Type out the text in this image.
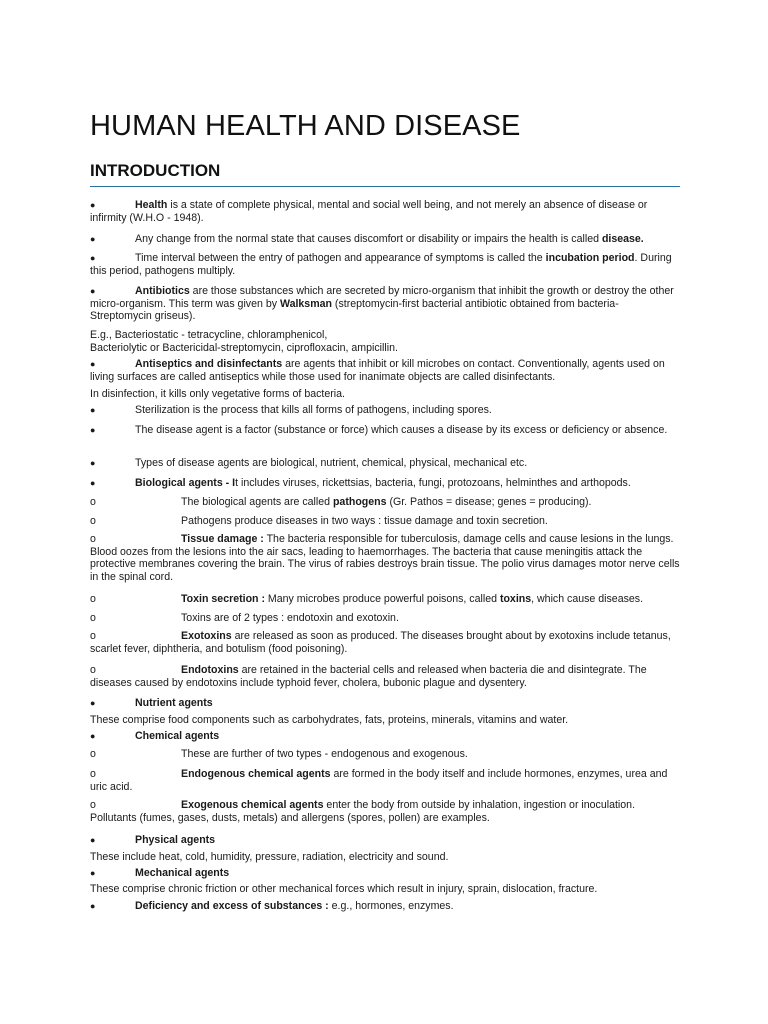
HUMAN HEALTH AND DISEASE
INTRODUCTION

●	Health is a state of complete physical, mental and social well being, and not merely an absence of disease or infirmity (W.H.O - 1948).

●	Any change from the normal state that causes discomfort or disability or impairs the health is called disease.

●	Time interval between the entry of pathogen and appearance of symptoms is called the incubation period. During this period, pathogens multiply.

●	Antibiotics are those substances which are secreted by micro-organism that inhibit the growth or destroy the other micro-organism. This term was given by Walksman (streptomycin-first bacterial antibiotic obtained from bacteria-Streptomycin griseus).

E.g., Bacteriostatic - tetracycline, chloramphenicol,
Bacteriolytic or Bactericidal-streptomycin, ciprofloxacin, ampicillin.

●	Antiseptics and disinfectants are agents that inhibit or kill microbes on contact. Conventionally, agents used on living surfaces are called antiseptics while those used for inanimate objects are called disinfectants.

In disinfection, it kills only vegetative forms of bacteria.

●	Sterilization is the process that kills all forms of pathogens, including spores.

●	The disease agent is a factor (substance or force) which causes a disease by its excess or deficiency or absence.

●	Types of disease agents are biological, nutrient, chemical, physical, mechanical etc.

●	Biological agents - It includes viruses, rickettsias, bacteria, fungi, protozoans, helminthes and arthopods.

o	The biological agents are called pathogens (Gr. Pathos = disease; genes = producing).

o	Pathogens produce diseases in two ways : tissue damage and toxin secretion.

o	Tissue damage : The bacteria responsible for tuberculosis, damage cells and cause lesions in the lungs. Blood oozes from the lesions into the air sacs, leading to haemorrhages. The bacteria that cause meningitis attack the protective membranes covering the brain. The virus of rabies destroys brain tissue. The polio virus damages motor nerve cells in the spinal cord.

o	Toxin secretion : Many microbes produce powerful poisons, called toxins, which cause diseases.

o	Toxins are of 2 types : endotoxin and exotoxin.

o	Exotoxins are released as soon as produced. The diseases brought about by exotoxins include tetanus, scarlet fever, diphtheria, and botulism (food poisoning).

o	Endotoxins are retained in the bacterial cells and released when bacteria die and disintegrate. The diseases caused by endotoxins include typhoid fever, cholera, bubonic plague and dysentery.

●	Nutrient agents

These comprise food components such as carbohydrates, fats, proteins, minerals, vitamins and water.

●	Chemical agents

o	These are further of two types - endogenous and exogenous.

o	Endogenous chemical agents are formed in the body itself and include hormones, enzymes, urea and uric acid.

o	Exogenous chemical agents enter the body from outside by inhalation, ingestion or inoculation. Pollutants (fumes, gases, dusts, metals) and allergens (spores, pollen) are examples.

●	Physical agents

These include heat, cold, humidity, pressure, radiation, electricity and sound.

●	Mechanical agents

These comprise chronic friction or other mechanical forces which result in injury, sprain, dislocation, fracture.

●	Deficiency and excess of substances : e.g., hormones, enzymes.
